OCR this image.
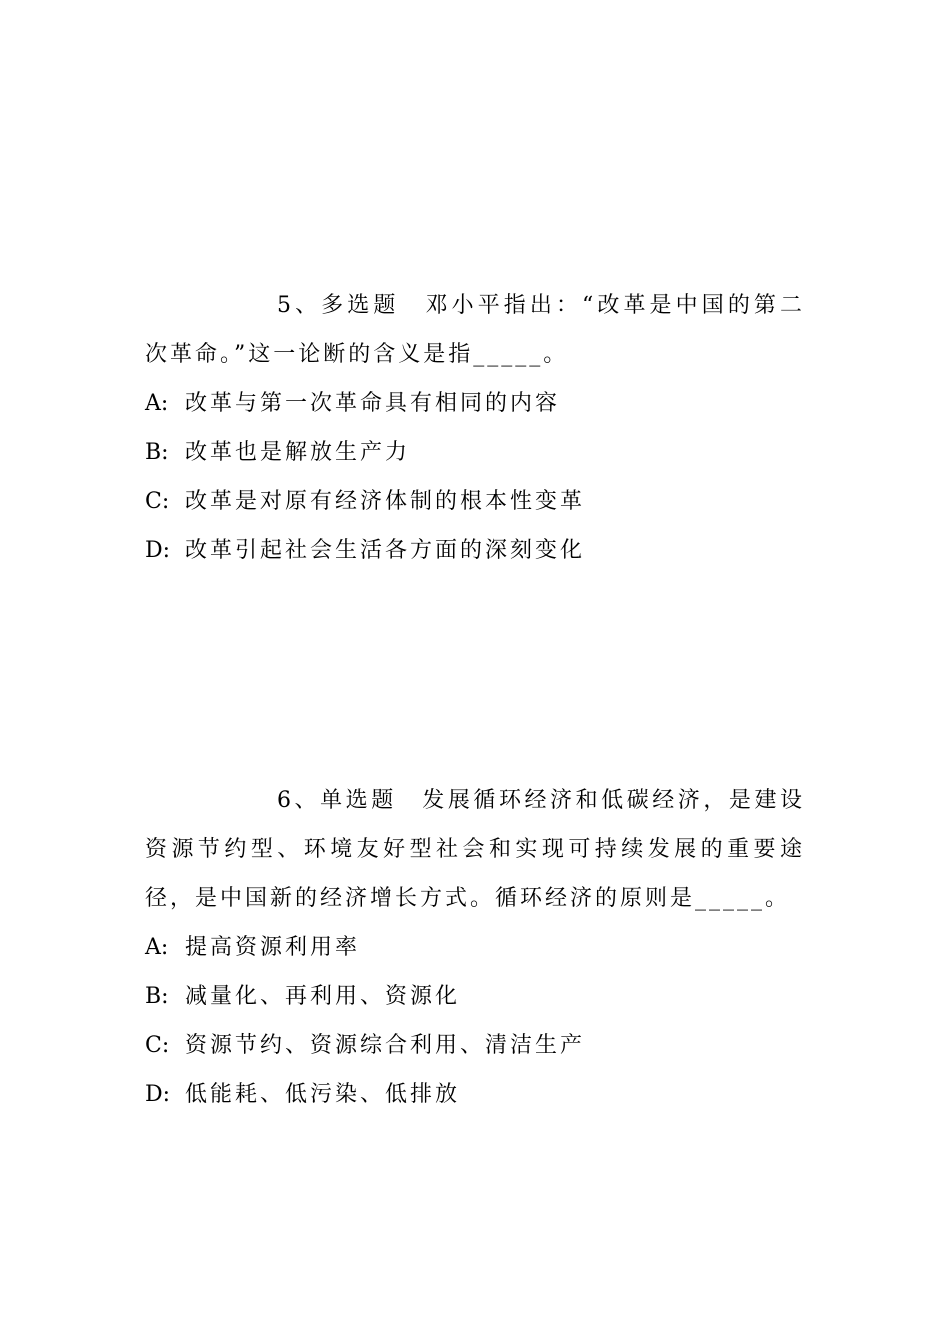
5、多选题　邓小平指出：“改革是中国的第二次革命。”这一论断的含义是指_____。

A: 改革与第一次革命具有相同的内容

B: 改革也是解放生产力

C: 改革是对原有经济体制的根本性变革

D: 改革引起社会生活各方面的深刻变化

6、单选题　发展循环经济和低碳经济，是建设资源节约型、环境友好型社会和实现可持续发展的重要途径，是中国新的经济增长方式。循环经济的原则是_____。

A: 提高资源利用率

B: 减量化、再利用、资源化

C: 资源节约、资源综合利用、清洁生产

D: 低能耗、低污染、低排放
